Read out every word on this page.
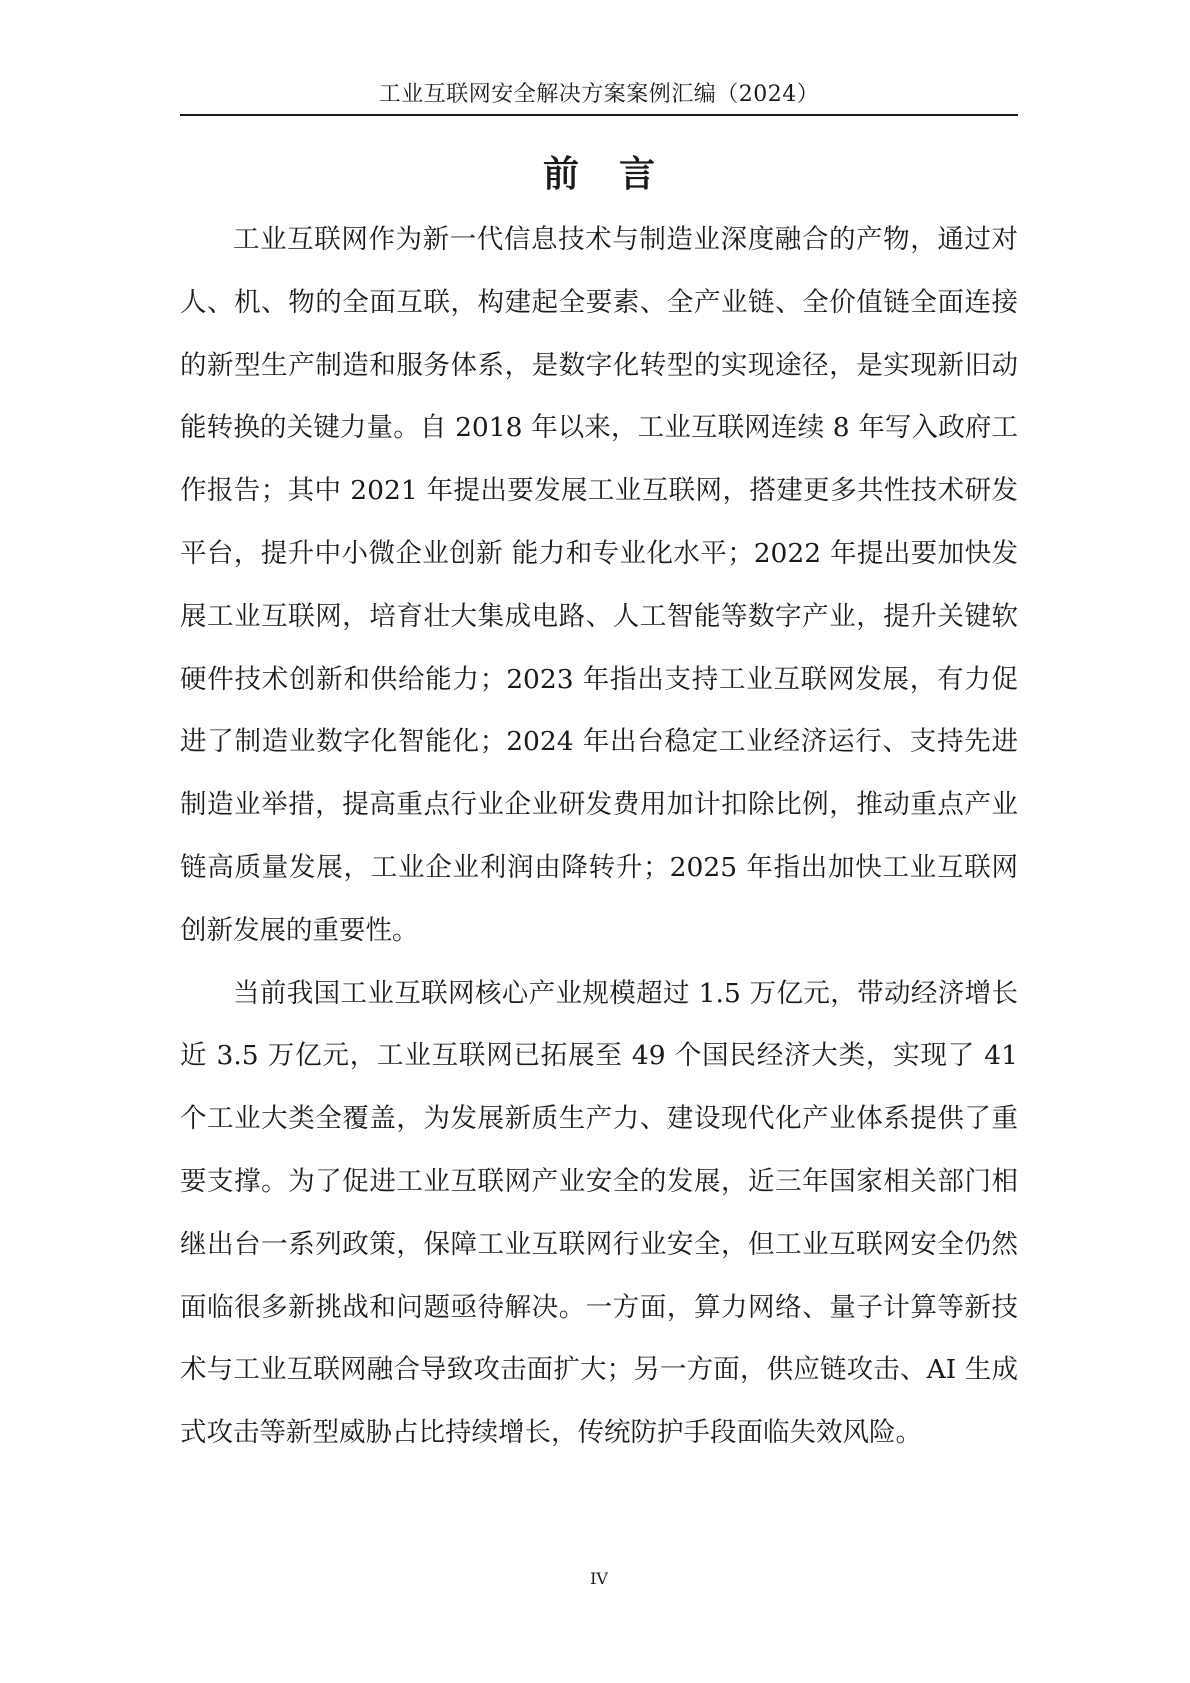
工业互联网安全解决方案案例汇编（2024）
前言

工业互联网作为新一代信息技术与制造业深度融合的产物，通过对人、机、物的全面互联，构建起全要素、全产业链、全价值链全面连接的新型生产制造和服务体系，是数字化转型的实现途径，是实现新旧动能转换的关键力量。自 2018 年以来，工业互联网连续 8 年写入政府工作报告；其中 2021 年提出要发展工业互联网，搭建更多共性技术研发平台，提升中小微企业创新 能力和专业化水平；2022 年提出要加快发展工业互联网，培育壮大集成电路、人工智能等数字产业，提升关键软硬件技术创新和供给能力；2023 年指出支持工业互联网发展，有力促进了制造业数字化智能化；2024 年出台稳定工业经济运行、支持先进制造业举措，提高重点行业企业研发费用加计扣除比例，推动重点产业链高质量发展，工业企业利润由降转升；2025 年指出加快工业互联网创新发展的重要性。

当前我国工业互联网核心产业规模超过 1.5 万亿元，带动经济增长近 3.5 万亿元，工业互联网已拓展至 49 个国民经济大类，实现了 41 个工业大类全覆盖，为发展新质生产力、建设现代化产业体系提供了重要支撑。为了促进工业互联网产业安全的发展，近三年国家相关部门相继出台一系列政策，保障工业互联网行业安全，但工业互联网安全仍然面临很多新挑战和问题亟待解决。一方面，算力网络、量子计算等新技术与工业互联网融合导致攻击面扩大；另一方面，供应链攻击、AI 生成式攻击等新型威胁占比持续增长，传统防护手段面临失效风险。

IV
